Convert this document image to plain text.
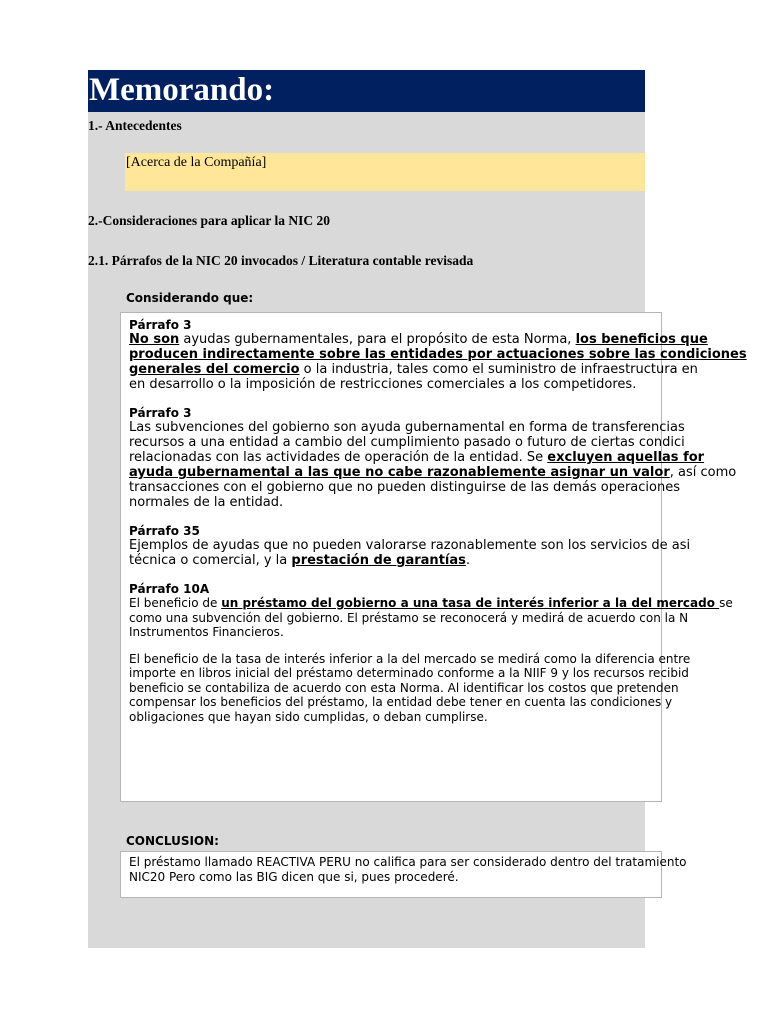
Memorando:
1.- Antecedentes
[Acerca de la Compañía]
2.-Consideraciones para aplicar la NIC 20
2.1. Párrafos de la NIC 20 invocados / Literatura contable revisada
Considerando que:

Párrafo 3

No son ayudas gubernamentales, para el propósito de esta Norma, los beneficios que

producen indirectamente sobre las entidades por actuaciones sobre las condiciones

generales del comercio o la industria, tales como el suministro de infraestructura en

en desarrollo o la imposición de restricciones comerciales a los competidores.

Párrafo 3

Las subvenciones del gobierno son ayuda gubernamental en forma de transferencias

recursos a una entidad a cambio del cumplimiento pasado o futuro de ciertas condici

relacionadas con las actividades de operación de la entidad. Se excluyen aquellas for

ayuda gubernamental a las que no cabe razonablemente asignar un valor, así como

transacciones con el gobierno que no pueden distinguirse de las demás operaciones

normales de la entidad.

Párrafo 35

Ejemplos de ayudas que no pueden valorarse razonablemente son los servicios de asi

técnica o comercial, y la prestación de garantías.

Párrafo 10A

El beneficio de un préstamo del gobierno a una tasa de interés inferior a la del mercado se

como una subvención del gobierno. El préstamo se reconocerá y medirá de acuerdo con la N

Instrumentos Financieros.

El beneficio de la tasa de interés inferior a la del mercado se medirá como la diferencia entre

importe en libros inicial del préstamo determinado conforme a la NIIF 9 y los recursos recibid

beneficio se contabiliza de acuerdo con esta Norma. Al identificar los costos que pretenden

compensar los beneficios del préstamo, la entidad debe tener en cuenta las condiciones y

obligaciones que hayan sido cumplidas, o deban cumplirse.

CONCLUSION:

El préstamo llamado REACTIVA PERU no califica para ser considerado dentro del tratamiento

NIC20 Pero como las BIG dicen que si, pues procederé.
